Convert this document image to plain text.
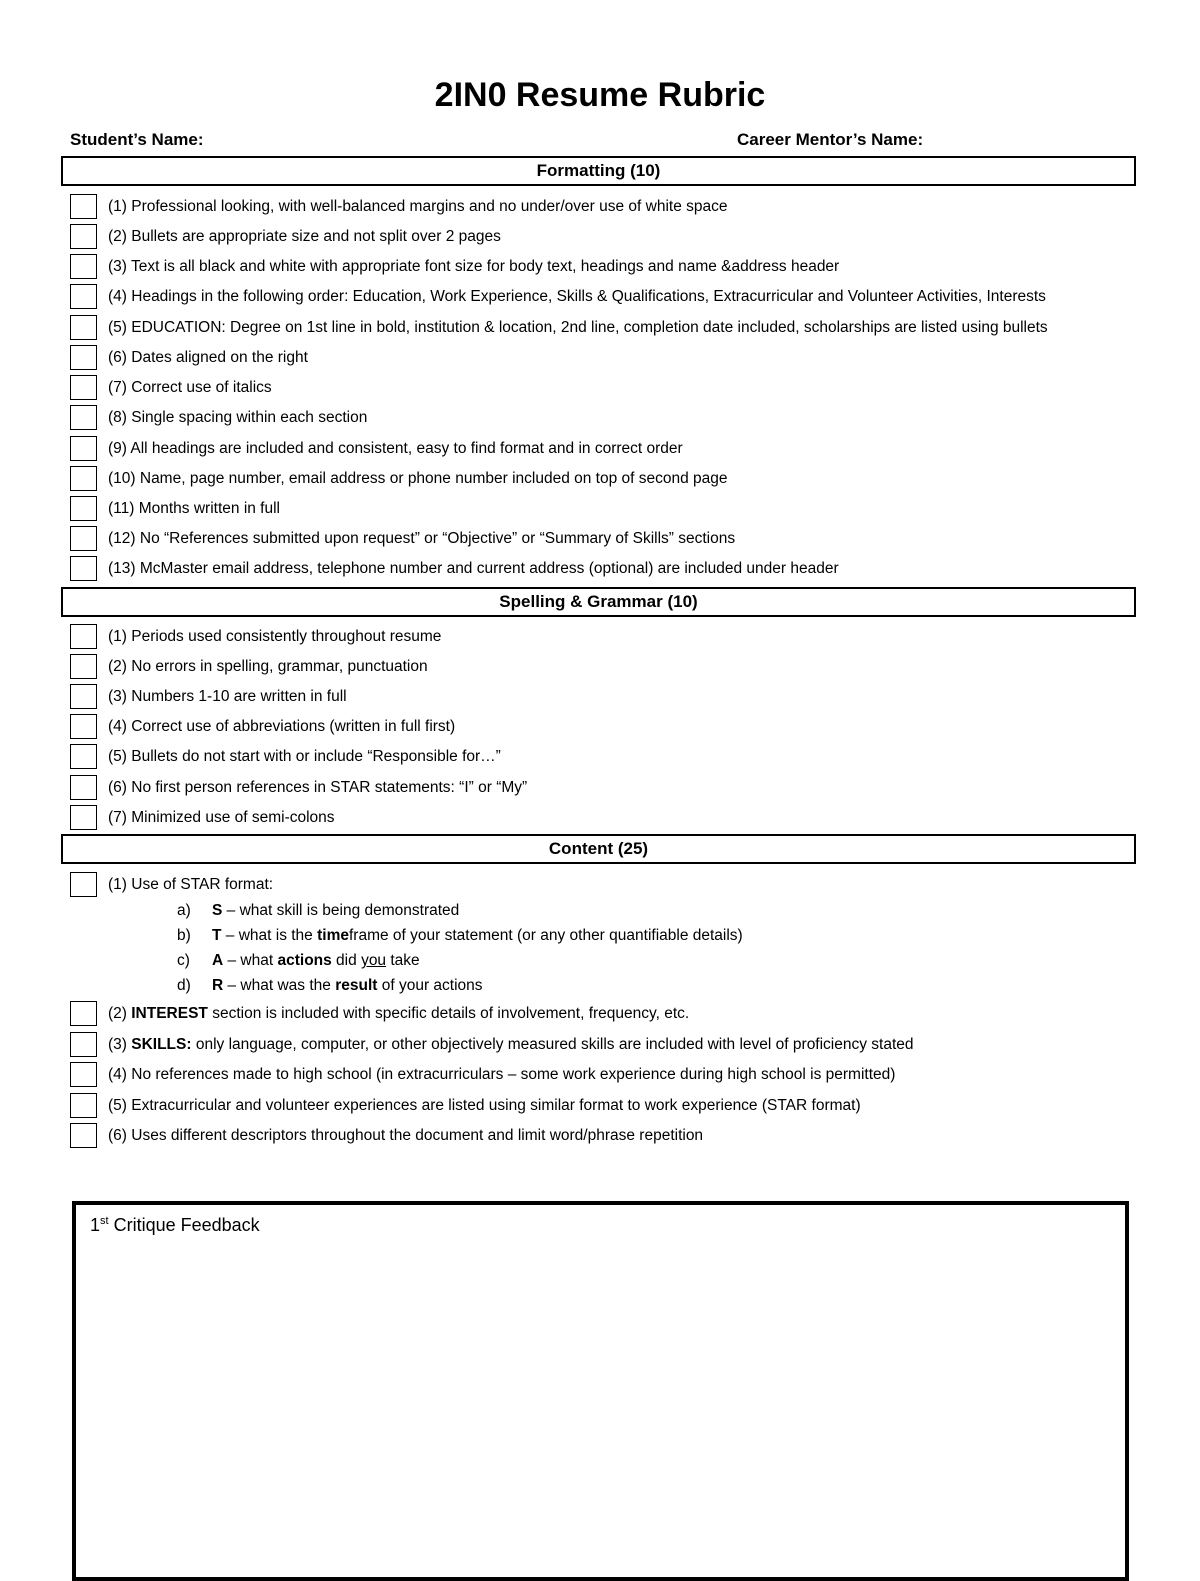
2IN0 Resume Rubric
Student’s Name:	Career Mentor’s Name:
Formatting (10)
(1) Professional looking, with well-balanced margins and no under/over use of white space
(2) Bullets are appropriate size and not split over 2 pages
(3) Text is all black and white with appropriate font size for body text, headings and name &address header
(4) Headings in the following order: Education, Work Experience, Skills & Qualifications, Extracurricular and Volunteer Activities, Interests
(5) EDUCATION: Degree on 1st line in bold, institution & location, 2nd line, completion date included, scholarships are listed using bullets
(6) Dates aligned on the right
(7) Correct use of italics
(8) Single spacing within each section
(9) All headings are included and consistent, easy to find format and in correct order
(10) Name, page number, email address or phone number included on top of second page
(11) Months written in full
(12) No “References submitted upon request” or “Objective” or “Summary of Skills” sections
(13) McMaster email address, telephone number and current address (optional) are included under header
Spelling & Grammar (10)
(1) Periods used consistently throughout resume
(2) No errors in spelling, grammar, punctuation
(3) Numbers 1-10 are written in full
(4) Correct use of abbreviations (written in full first)
(5) Bullets do not start with or include “Responsible for…”
(6) No first person references in STAR statements: “I” or “My”
(7) Minimized use of semi-colons
Content (25)
(1) Use of STAR format:
a)	S – what skill is being demonstrated
b)	T – what is the timeframe of your statement (or any other quantifiable details)
c)	A – what actions did you take
d)	R – what was the result of your actions
(2) INTEREST section is included with specific details of involvement, frequency, etc.
(3) SKILLS: only language, computer, or other objectively measured skills are included with level of proficiency stated
(4) No references made to high school (in extracurriculars – some work experience during high school is permitted)
(5) Extracurricular and volunteer experiences are listed using similar format to work experience (STAR format)
(6) Uses different descriptors throughout the document and limit word/phrase repetition
1st Critique Feedback
